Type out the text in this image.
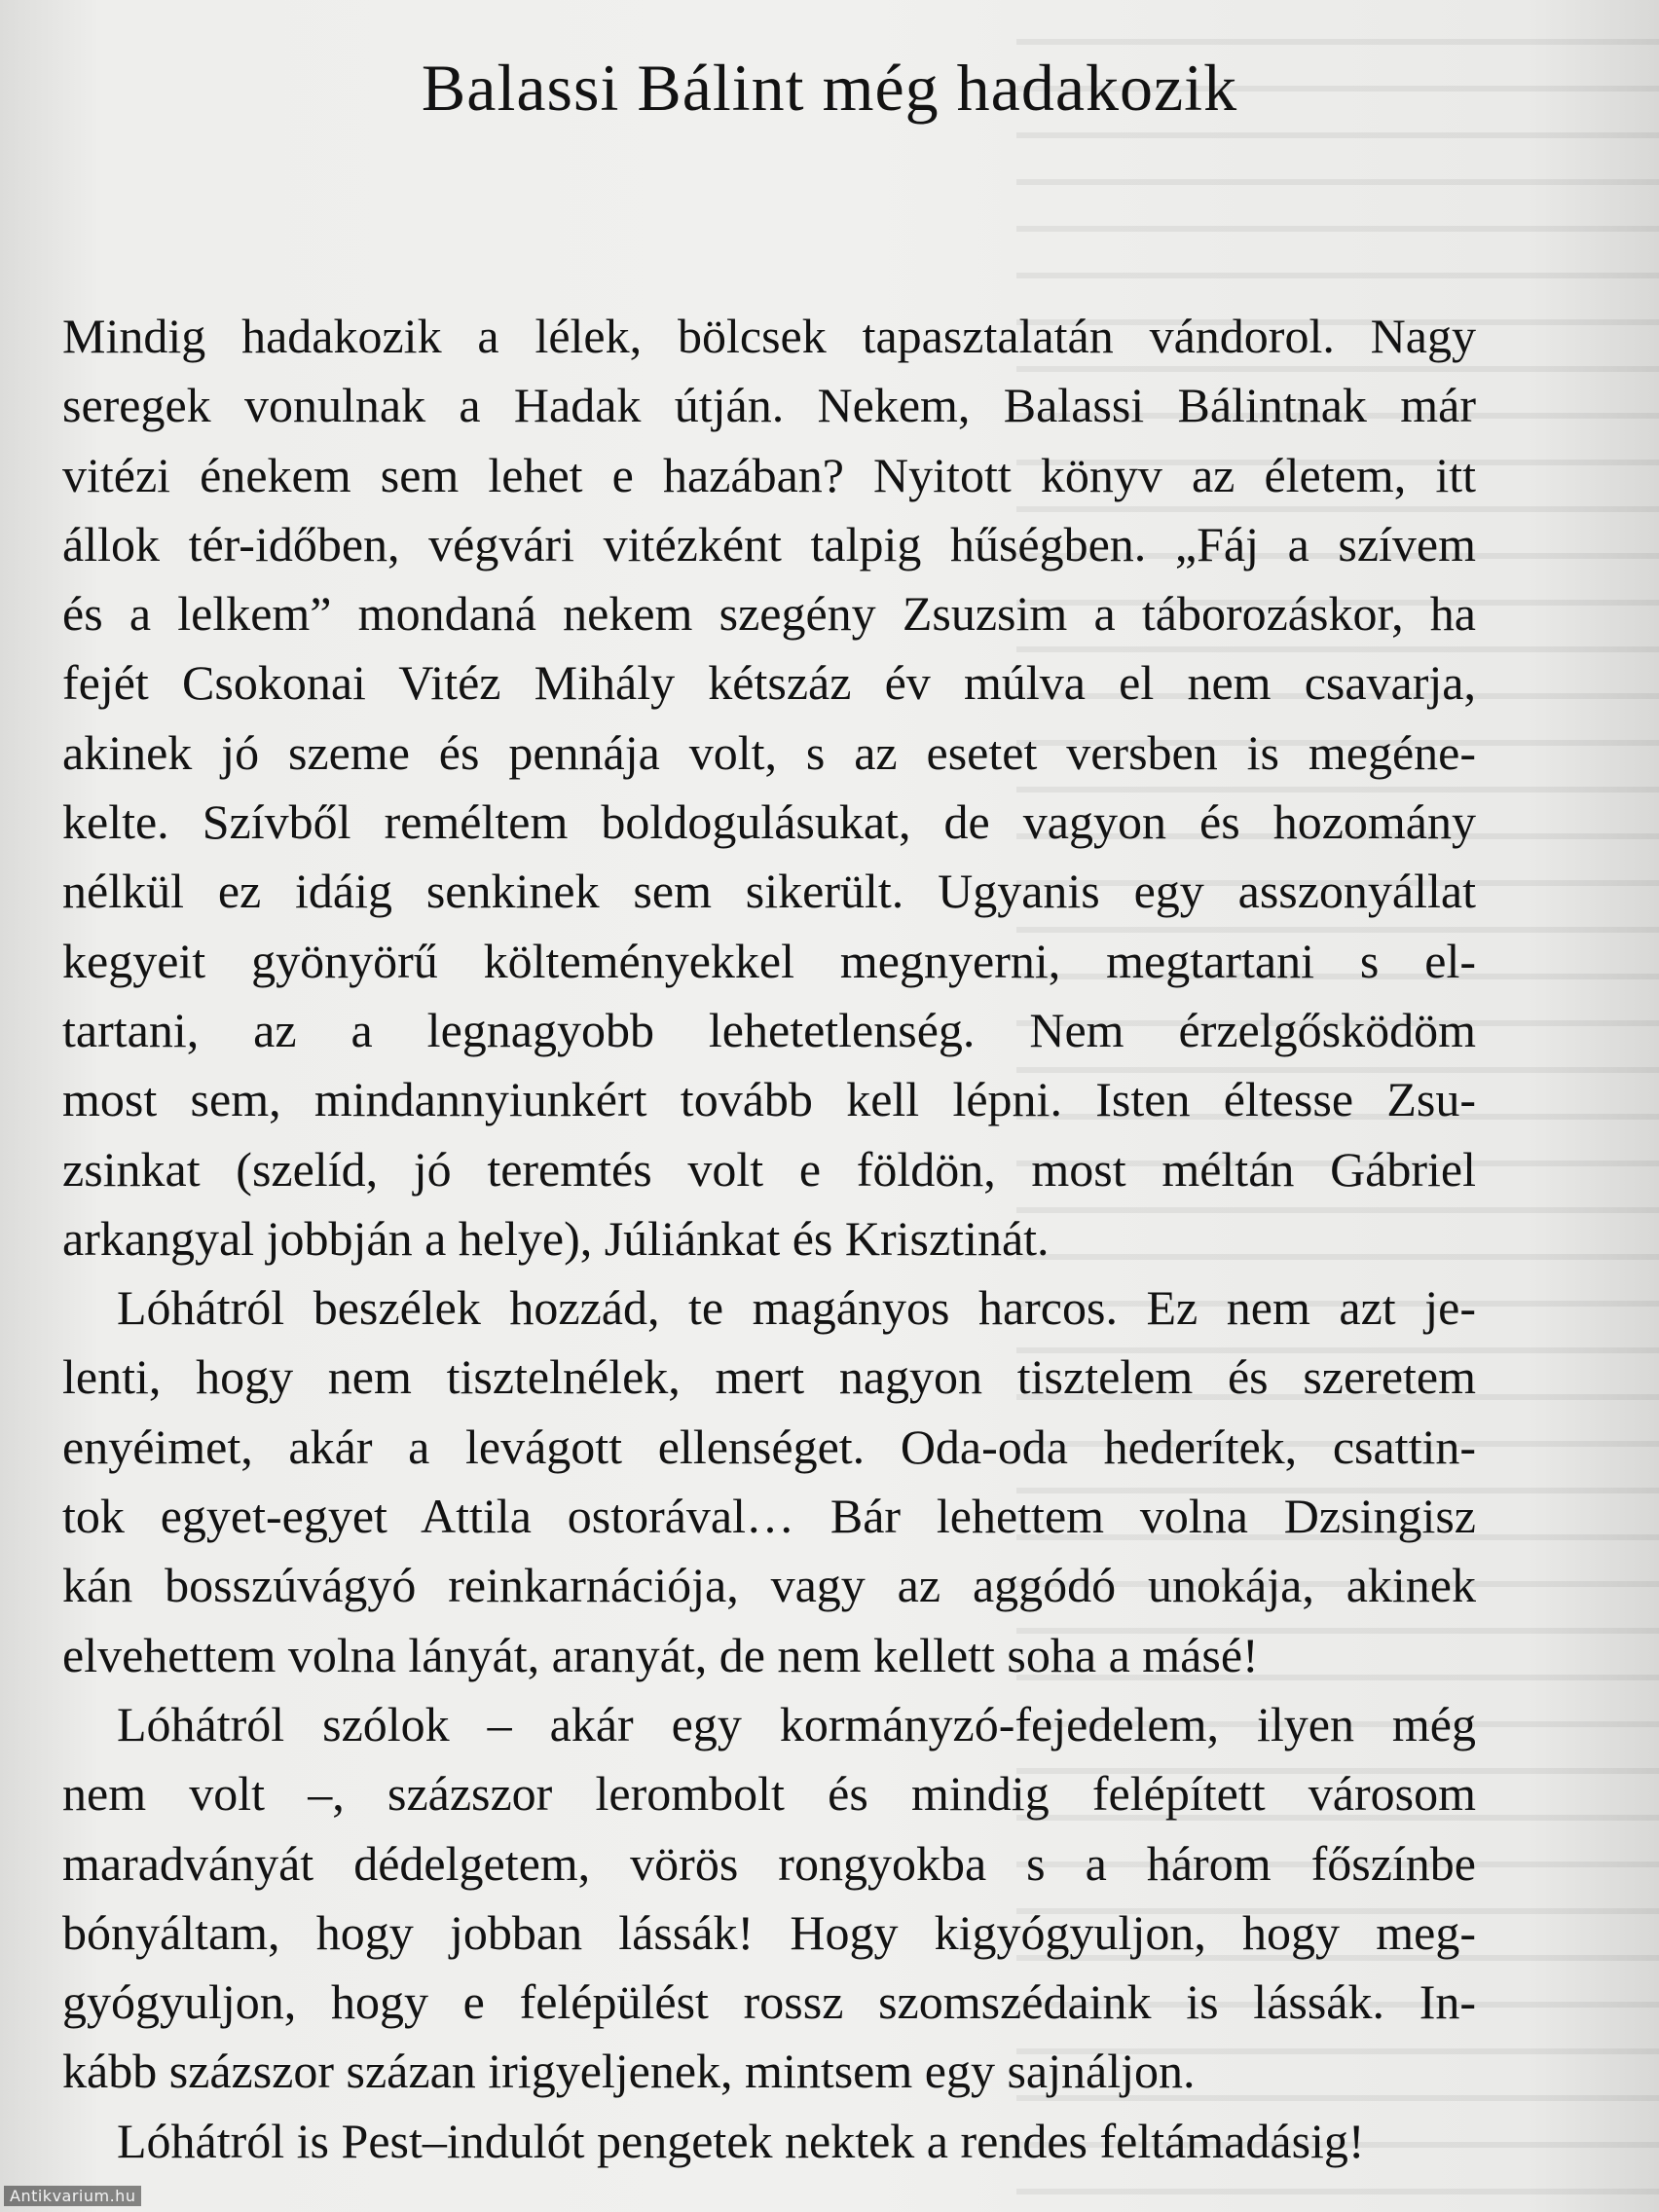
Balassi Bálint még hadakozik
Mindig hadakozik a lélek, bölcsek tapasztalatán vándorol. Nagy
seregek vonulnak a Hadak útján. Nekem, Balassi Bálintnak már
vitézi énekem sem lehet e hazában? Nyitott könyv az életem, itt
állok tér-időben, végvári vitézként talpig hűségben. „Fáj a szívem
és a lelkem” mondaná nekem szegény Zsuzsim a táborozáskor, ha
fejét Csokonai Vitéz Mihály kétszáz év múlva el nem csavarja,
akinek jó szeme és pennája volt, s az esetet versben is megéne-
kelte. Szívből reméltem boldogulásukat, de vagyon és hozomány
nélkül ez idáig senkinek sem sikerült. Ugyanis egy asszonyállat
kegyeit gyönyörű költeményekkel megnyerni, megtartani s el-
tartani, az a legnagyobb lehetetlenség. Nem érzelgősködöm
most sem, mindannyiunkért tovább kell lépni. Isten éltesse Zsu-
zsinkat (szelíd, jó teremtés volt e földön, most méltán Gábriel
arkangyal jobbján a helye), Júliánkat és Krisztinát.
Lóhátról beszélek hozzád, te magányos harcos. Ez nem azt je-
lenti, hogy nem tisztelnélek, mert nagyon tisztelem és szeretem
enyéimet, akár a levágott ellenséget. Oda-oda hederítek, csattin-
tok egyet-egyet Attila ostorával… Bár lehettem volna Dzsingisz
kán bosszúvágyó reinkarnációja, vagy az aggódó unokája, akinek
elvehettem volna lányát, aranyát, de nem kellett soha a másé!
Lóhátról szólok – akár egy kormányzó-fejedelem, ilyen még
nem volt –, százszor lerombolt és mindig felépített városom
maradványát dédelgetem, vörös rongyokba s a három főszínbe
bónyáltam, hogy jobban lássák! Hogy kigyógyuljon, hogy meg-
gyógyuljon, hogy e felépülést rossz szomszédaink is lássák. In-
kább százszor százan irigyeljenek, mintsem egy sajnáljon.
Lóhátról is Pest–indulót pengetek nektek a rendes feltámadásig!
Antikvarium.hu
